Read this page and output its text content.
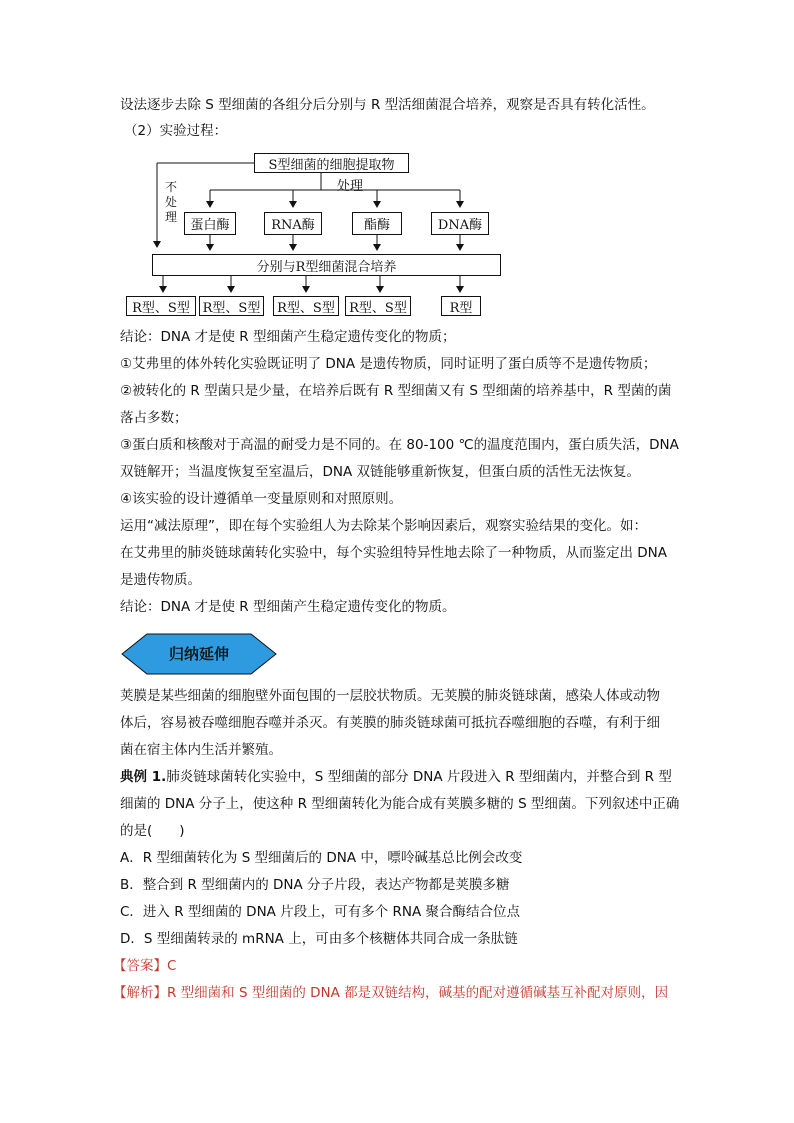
设法逐步去除 S 型细菌的各组分后分别与 R 型活细菌混合培养，观察是否具有转化活性。
（2）实验过程：
S型细菌的细胞提取物
处理
不
处
理
蛋白酶	RNA酶	酯酶	DNA酶
分别与R型细菌混合培养
R型、S型 R型、S型	R型、S型	R型、S型	R型
结论：DNA 才是使 R 型细菌产生稳定遗传变化的物质；
①艾弗里的体外转化实验既证明了 DNA 是遗传物质，同时证明了蛋白质等不是遗传物质；
②被转化的 R 型菌只是少量，在培养后既有 R 型细菌又有 S 型细菌的培养基中，R 型菌的菌
落占多数；
③蛋白质和核酸对于高温的耐受力是不同的。在 80-100 ℃的温度范围内，蛋白质失活，DNA
双链解开；当温度恢复至室温后，DNA 双链能够重新恢复，但蛋白质的活性无法恢复。
④该实验的设计遵循单一变量原则和对照原则。
运用“减法原理”，即在每个实验组人为去除某个影响因素后，观察实验结果的变化。如：
在艾弗里的肺炎链球菌转化实验中，每个实验组特异性地去除了一种物质，从而鉴定出 DNA
是遗传物质。
结论：DNA 才是使 R 型细菌产生稳定遗传变化的物质。
归纳延伸
荚膜是某些细菌的细胞壁外面包围的一层胶状物质。无荚膜的肺炎链球菌，感染人体或动物
体后，容易被吞噬细胞吞噬并杀灭。有荚膜的肺炎链球菌可抵抗吞噬细胞的吞噬，有利于细
菌在宿主体内生活并繁殖。
典例 1.肺炎链球菌转化实验中，S 型细菌的部分 DNA 片段进入 R 型细菌内，并整合到 R 型
细菌的 DNA 分子上，使这种 R 型细菌转化为能合成有荚膜多糖的 S 型细菌。下列叙述中正确
的是(　　)
A．R 型细菌转化为 S 型细菌后的 DNA 中，嘌呤碱基总比例会改变
B．整合到 R 型细菌内的 DNA 分子片段，表达产物都是荚膜多糖
C．进入 R 型细菌的 DNA 片段上，可有多个 RNA 聚合酶结合位点
D．S 型细菌转录的 mRNA 上，可由多个核糖体共同合成一条肽链
【答案】C
【解析】R 型细菌和 S 型细菌的 DNA 都是双链结构，碱基的配对遵循碱基互补配对原则，因
